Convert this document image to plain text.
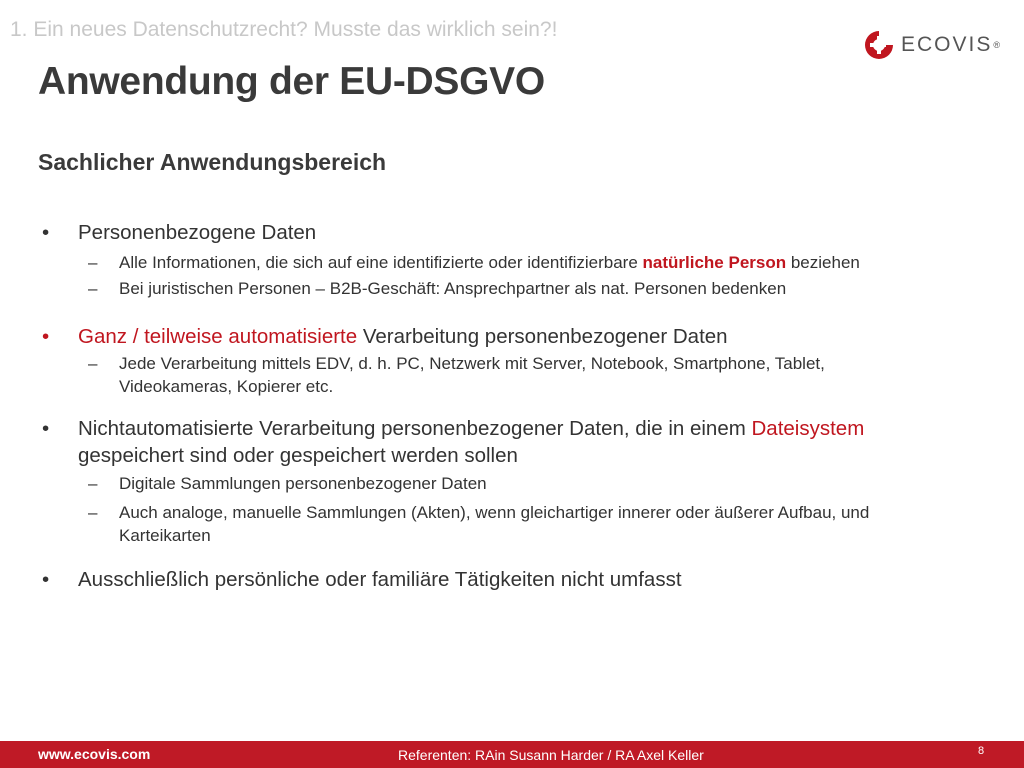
1. Ein neues Datenschutzrecht? Musste das wirklich sein?!
ECOVIS ®
Anwendung der EU-DSGVO
Sachlicher Anwendungsbereich
• Personenbezogene Daten
– Alle Informationen, die sich auf eine identifizierte oder identifizierbare natürliche Person beziehen
– Bei juristischen Personen – B2B-Geschäft: Ansprechpartner als nat. Personen bedenken
• Ganz / teilweise automatisierte Verarbeitung personenbezogener Daten
– Jede Verarbeitung mittels EDV, d. h. PC, Netzwerk mit Server, Notebook, Smartphone, Tablet, Videokameras, Kopierer etc.
• Nichtautomatisierte Verarbeitung personenbezogener Daten, die in einem Dateisystem gespeichert sind oder gespeichert werden sollen
– Digitale Sammlungen personenbezogener Daten
– Auch analoge, manuelle Sammlungen (Akten), wenn gleichartiger innerer oder äußerer Aufbau, und Karteikarten
• Ausschließlich persönliche oder familiäre Tätigkeiten nicht umfasst
www.ecovis.com	Referenten: RAin Susann Harder / RA Axel Keller	8
